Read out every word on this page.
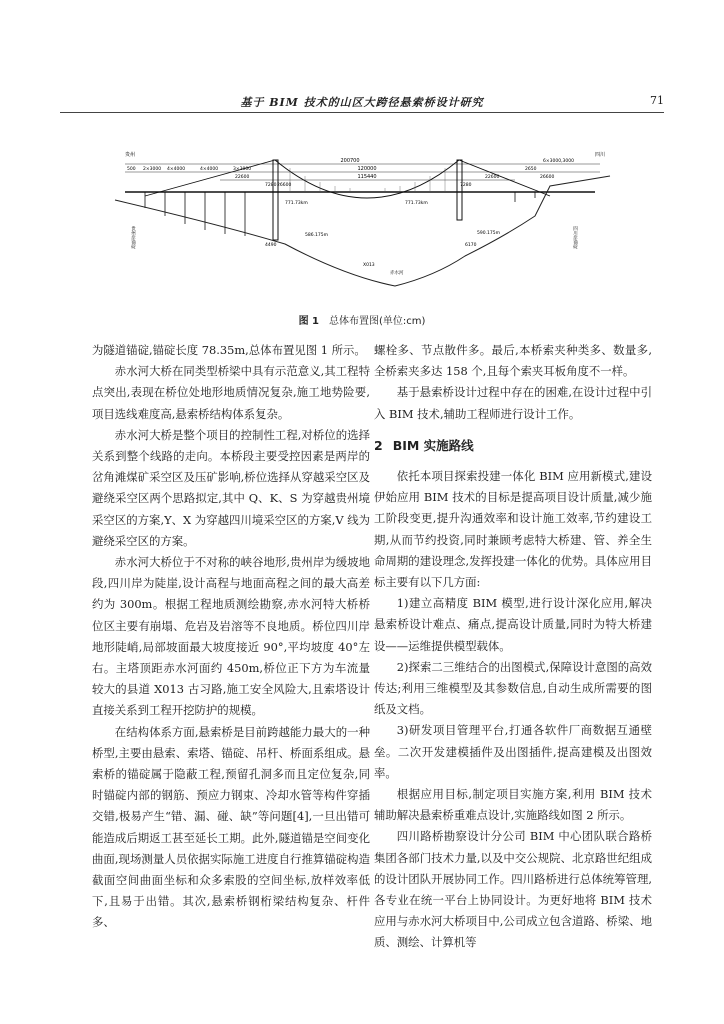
基于 BIM 技术的山区大跨径悬索桥设计研究	71
200700
120000
115440
500 2×3000 4×4000	4×4000	3×3000	2650
6×3000,3000
22600	22600
7280	7280
26600
贵州	四川
771.73km	771.73km
586.175m	590.175m
赤水河
X013
贵州岸锚碇	四川岸锚碇
4490	6170
26600
图 1 总体布置图(单位:cm)

为隧道锚碇,锚碇长度 78.35m,总体布置见图 1 所示。

赤水河大桥在同类型桥梁中具有示范意义,其工程特点突出,表现在桥位处地形地质情况复杂,施工地势险要,项目选线难度高,悬索桥结构体系复杂。

赤水河大桥是整个项目的控制性工程,对桥位的选择关系到整个线路的走向。本桥段主要受控因素是两岸的岔角滩煤矿采空区及压矿影响,桥位选择从穿越采空区及避绕采空区两个思路拟定,其中 Q、K、S 为穿越贵州境采空区的方案,Y、X 为穿越四川境采空区的方案,V 线为避绕采空区的方案。

赤水河大桥位于不对称的峡谷地形,贵州岸为缓坡地段,四川岸为陡崖,设计高程与地面高程之间的最大高差约为 300m。根据工程地质测绘勘察,赤水河特大桥桥位区主要有崩塌、危岩及岩溶等不良地质。桥位四川岸地形陡峭,局部坡面最大坡度接近 90°,平均坡度 40°左右。主塔顶距赤水河面约 450m,桥位正下方为车流量较大的县道 X013 古习路,施工安全风险大,且索塔设计直接关系到工程开挖防护的规模。

在结构体系方面,悬索桥是目前跨越能力最大的一种桥型,主要由悬索、索塔、锚碇、吊杆、桥面系组成。悬索桥的锚碇属于隐蔽工程,预留孔洞多而且定位复杂,同时锚碇内部的钢筋、预应力钢束、冷却水管等构件穿插交错,极易产生“错、漏、碰、缺”等问题[4],一旦出错可能造成后期返工甚至延长工期。此外,隧道锚是空间变化曲面,现场测量人员依据实际施工进度自行推算锚碇构造截面空间曲面坐标和众多索股的空间坐标,放样效率低下,且易于出错。其次,悬索桥钢桁梁结构复杂、杆件多、

螺栓多、节点散件多。最后,本桥索夹种类多、数量多,全桥索夹多达 158 个,且每个索夹耳板角度不一样。

基于悬索桥设计过程中存在的困难,在设计过程中引入 BIM 技术,辅助工程师进行设计工作。

2 BIM 实施路线

依托本项目探索投建一体化 BIM 应用新模式,建设伊始应用 BIM 技术的目标是提高项目设计质量,减少施工阶段变更,提升沟通效率和设计施工效率,节约建设工期,从而节约投资,同时兼顾考虑特大桥建、管、养全生命周期的建设理念,发挥投建一体化的优势。具体应用目标主要有以下几方面:

1)建立高精度 BIM 模型,进行设计深化应用,解决悬索桥设计难点、痛点,提高设计质量,同时为特大桥建设——运维提供模型载体。

2)探索二三维结合的出图模式,保障设计意图的高效传达;利用三维模型及其参数信息,自动生成所需要的图纸及文档。

3)研发项目管理平台,打通各软件厂商数据互通壁垒。二次开发建模插件及出图插件,提高建模及出图效率。

根据应用目标,制定项目实施方案,利用 BIM 技术辅助解决悬索桥重难点设计,实施路线如图 2 所示。

四川路桥勘察设计分公司 BIM 中心团队联合路桥集团各部门技术力量,以及中交公规院、北京路世纪组成的设计团队开展协同工作。四川路桥进行总体统筹管理,各专业在统一平台上协同设计。为更好地将 BIM 技术应用与赤水河大桥项目中,公司成立包含道路、桥梁、地质、测绘、计算机等
